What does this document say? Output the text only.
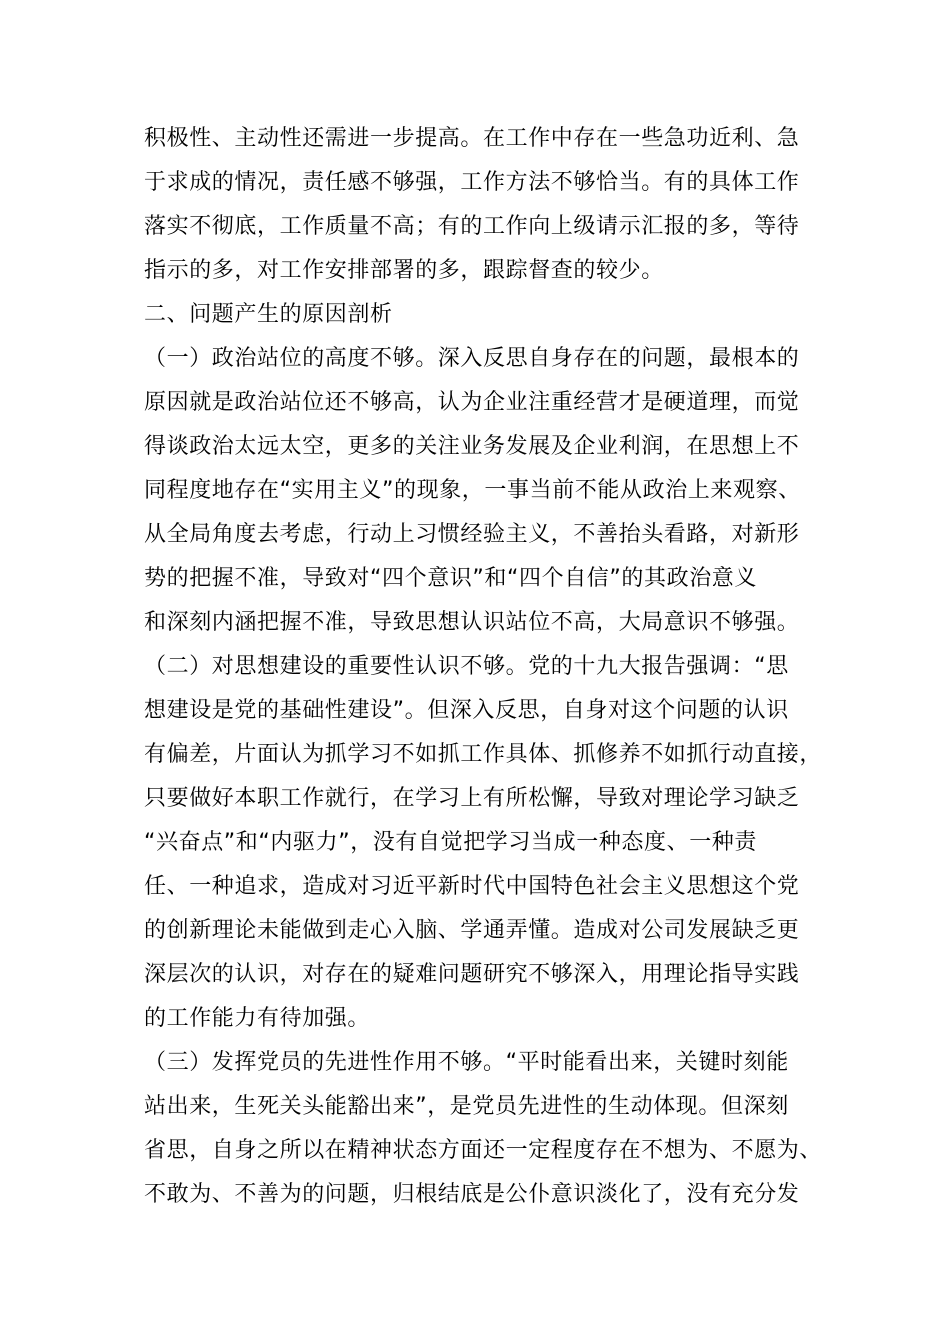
积极性、主动性还需进一步提高。在工作中存在一些急功近利、急
于求成的情况，责任感不够强，工作方法不够恰当。有的具体工作
落实不彻底，工作质量不高；有的工作向上级请示汇报的多，等待
指示的多，对工作安排部署的多，跟踪督查的较少。
二、问题产生的原因剖析
（一）政治站位的高度不够。深入反思自身存在的问题，最根本的
原因就是政治站位还不够高，认为企业注重经营才是硬道理，而觉
得谈政治太远太空，更多的关注业务发展及企业利润，在思想上不
同程度地存在“实用主义”的现象，一事当前不能从政治上来观察、
从全局角度去考虑，行动上习惯经验主义，不善抬头看路，对新形
势的把握不准，导致对“四个意识”和“四个自信”的其政治意义
和深刻内涵把握不准，导致思想认识站位不高，大局意识不够强。
（二）对思想建设的重要性认识不够。党的十九大报告强调：“思
想建设是党的基础性建设”。但深入反思，自身对这个问题的认识
有偏差，片面认为抓学习不如抓工作具体、抓修养不如抓行动直接，
只要做好本职工作就行，在学习上有所松懈，导致对理论学习缺乏
“兴奋点”和“内驱力”，没有自觉把学习当成一种态度、一种责
任、一种追求，造成对习近平新时代中国特色社会主义思想这个党
的创新理论未能做到走心入脑、学通弄懂。造成对公司发展缺乏更
深层次的认识，对存在的疑难问题研究不够深入，用理论指导实践
的工作能力有待加强。
（三）发挥党员的先进性作用不够。“平时能看出来，关键时刻能
站出来，生死关头能豁出来”，是党员先进性的生动体现。但深刻
省思，自身之所以在精神状态方面还一定程度存在不想为、不愿为、
不敢为、不善为的问题，归根结底是公仆意识淡化了，没有充分发
